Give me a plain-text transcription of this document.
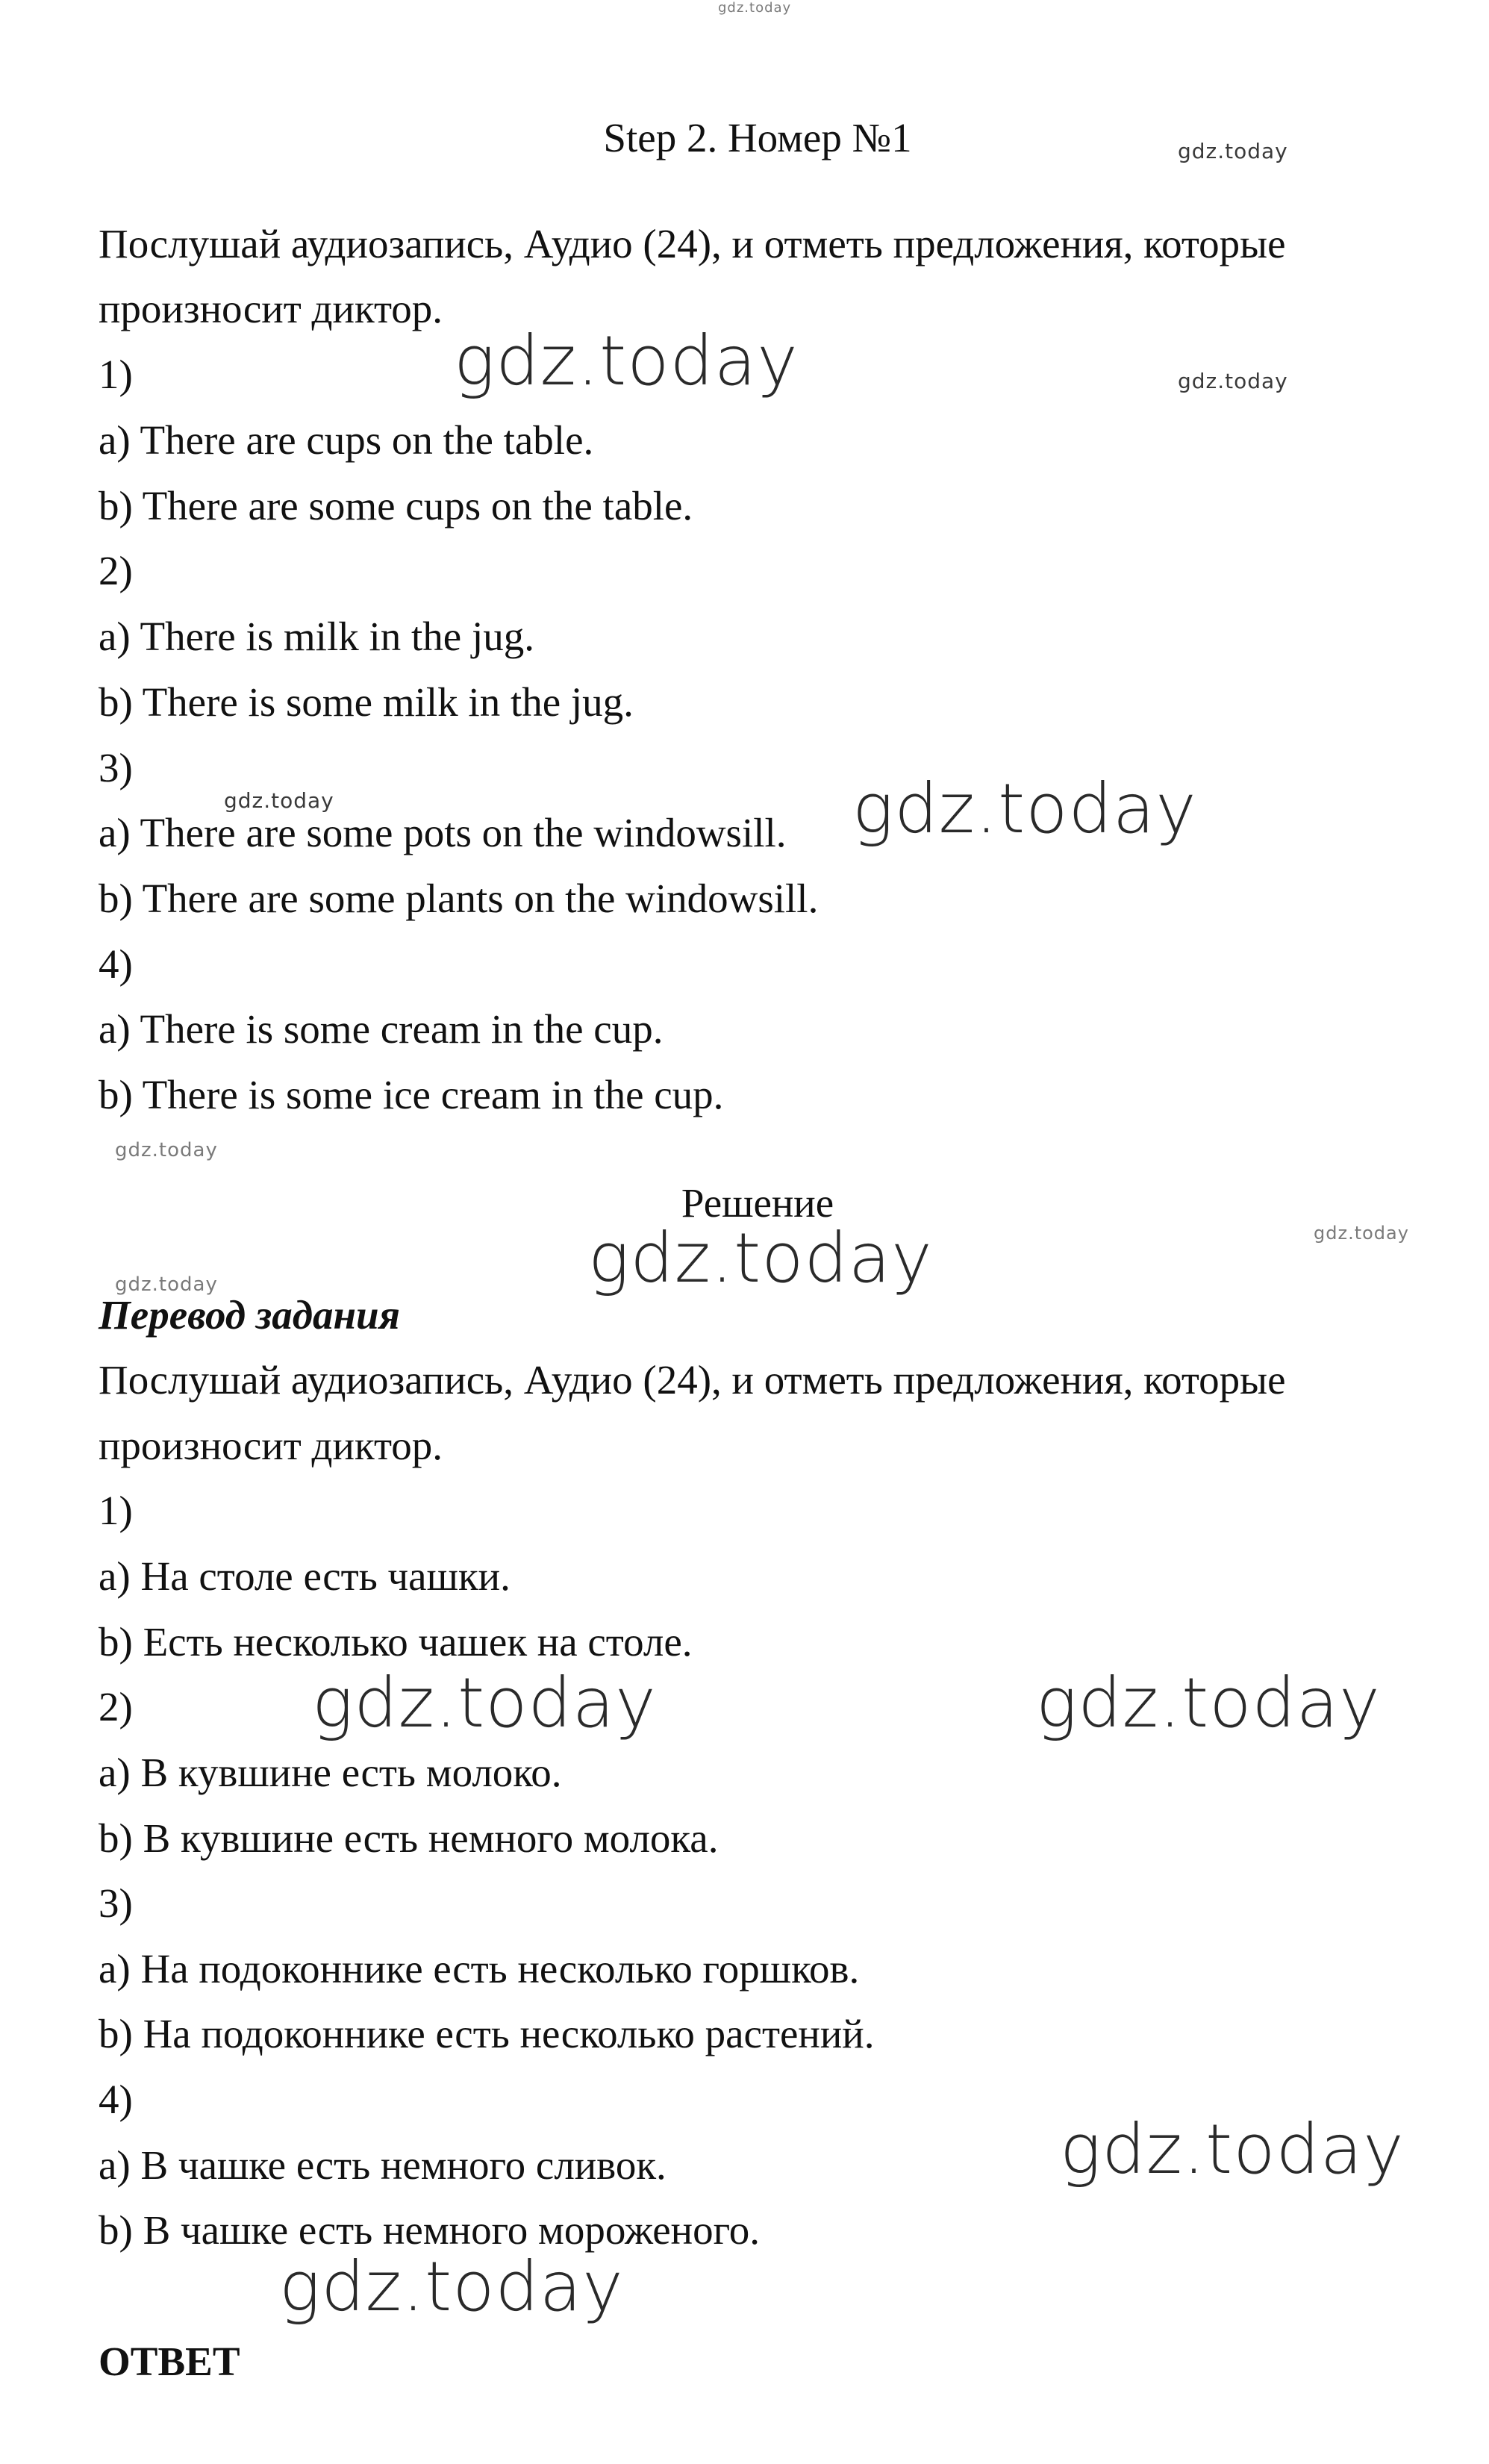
gdz.today
gdz.today
gdz.today	gdz.today
gdz.today	gdz.today
gdz.today
gdz.today
gdz.today
gdz.today
gdz.today	gdz.today
gdz.today
gdz.today
Step 2. Номер №1
Послушай аудиозапись, Аудио (24), и отметь предложения, которые
произносит диктор.
1)
a) There are cups on the table.
b) There are some cups on the table.
2)
a) There is milk in the jug.
b) There is some milk in the jug.
3)
a) There are some pots on the windowsill.
b) There are some plants on the windowsill.
4)
a) There is some cream in the cup.
b) There is some ice cream in the cup.
Решение
Перевод задания
Послушай аудиозапись, Аудио (24), и отметь предложения, которые
произносит диктор.
1)
а) На столе есть чашки.
b) Есть несколько чашек на столе.
2)
а) В кувшине есть молоко.
b) В кувшине есть немного молока.
3)
а) На подоконнике есть несколько горшков.
b) На подоконнике есть несколько растений.
4)
а) В чашке есть немного сливок.
b) В чашке есть немного мороженого.
ОТВЕТ
